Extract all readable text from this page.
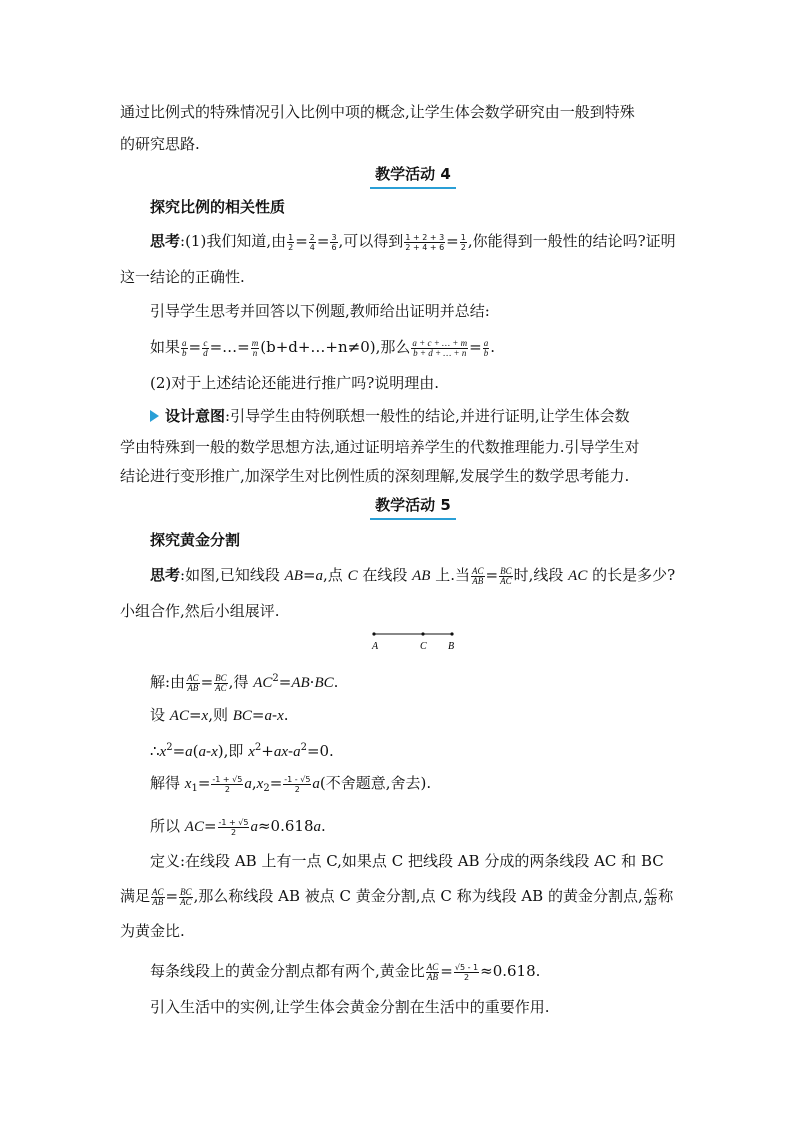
通过比例式的特殊情况引入比例中项的概念,让学生体会数学研究由一般到特殊
的研究思路.
教学活动 4
探究比例的相关性质
思考:(1)我们知道,由 $\frac{1}{2} = \frac{2}{4} = \frac{3}{6}$ ,可以得到 $\frac{1 + 2 + 3}{2 + 4 + 6} = \frac{1}{2}$ ,你能得到一般性的结论吗?证明
这一结论的正确性.
引导学生思考并回答以下例题,教师给出证明并总结:
如果 $\frac{a}{b} = \frac{c}{d}$ =…= $\frac{m}{n}$ (b+d+…+n≠0),那么 $\frac{a + c + \dots + m}{b + d + \dots + n} = \frac{a}{b}$ .
(2)对于上述结论还能进行推广吗?说明理由.
设计意图:引导学生由特例联想一般性的结论,并进行证明,让学生体会数
学由特殊到一般的数学思想方法,通过证明培养学生的代数推理能力.引导学生对
结论进行变形推广,加深学生对比例性质的深刻理解,发展学生的数学思考能力.
教学活动 5
探究黄金分割
思考:如图,已知线段 AB=a,点 C 在线段 AB 上.当 $\frac{AC}{AB} = \frac{BC}{AC}$ 时,线段 AC 的长是多少?
小组合作,然后小组展评.
A	C B
解:由 $\frac{AC}{AB} = \frac{BC}{AC}$ ,得 $AC^2=AB\cdot BC$.
设 AC=x,则 BC=a-x.
$\therefore x^2=a(a-x)$,即 $x^2+ax-a^2=0$.
解得 $x_1= \frac{-1 + √5}{2} a,x_2= \frac{-1 - √5}{2} a$(不舍题意,舍去).
所以 $AC= \frac{-1 + √5}{2} a\approx 0.618a$.
定义:在线段 AB 上有一点 C,如果点 C 把线段 AB 分成的两条线段 AC 和 BC
满足 $\frac{AC}{AB} = \frac{BC}{AC}$ ,那么称线段 AB 被点 C 黄金分割,点 C 称为线段 AB 的黄金分割点, $\frac{AC}{AB}$ 称
为黄金比.
每条线段上的黄金分割点都有两个,黄金比 $\frac{AC}{AB} = \frac{√5 - 1}{2} \approx 0.618$.
引入生活中的实例,让学生体会黄金分割在生活中的重要作用.
